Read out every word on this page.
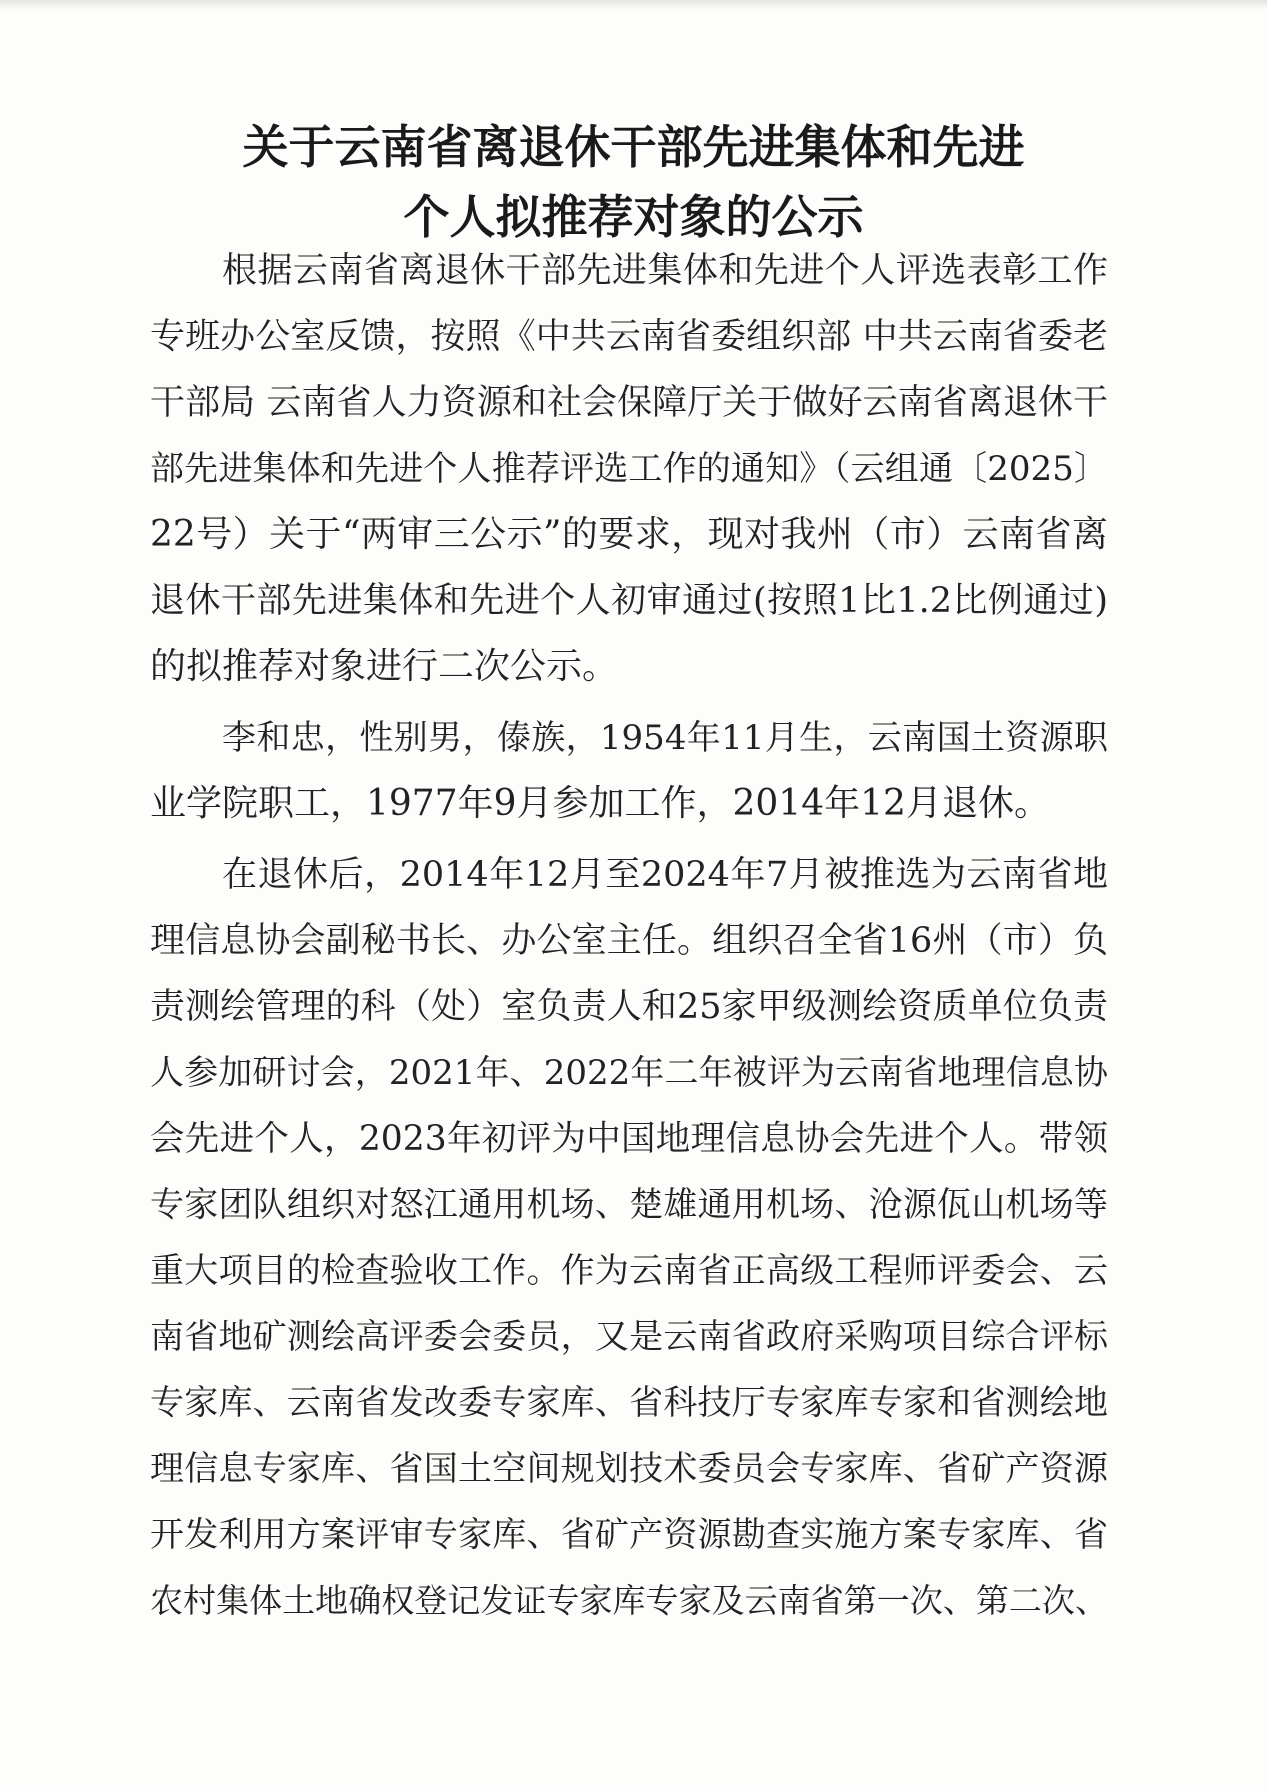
关于云南省离退休干部先进集体和先进
个人拟推荐对象的公示
根据云南省离退休干部先进集体和先进个人评选表彰工作
专班办公室反馈，按照《中共云南省委组织部 中共云南省委老
干部局 云南省人力资源和社会保障厅关于做好云南省离退休干
部先进集体和先进个人推荐评选工作的通知》（云组通〔2025〕
22号）关于“两审三公示”的要求，现对我州（市）云南省离
退休干部先进集体和先进个人初审通过(按照1比1.2比例通过)
的拟推荐对象进行二次公示。
李和忠，性别男，傣族，1954年11月生，云南国土资源职
业学院职工，1977年9月参加工作，2014年12月退休。
在退休后，2014年12月至2024年7月被推选为云南省地
理信息协会副秘书长、办公室主任。组织召全省16州（市）负
责测绘管理的科（处）室负责人和25家甲级测绘资质单位负责
人参加研讨会，2021年、2022年二年被评为云南省地理信息协
会先进个人，2023年初评为中国地理信息协会先进个人。带领
专家团队组织对怒江通用机场、楚雄通用机场、沧源佤山机场等
重大项目的检查验收工作。作为云南省正高级工程师评委会、云
南省地矿测绘高评委会委员，又是云南省政府采购项目综合评标
专家库、云南省发改委专家库、省科技厅专家库专家和省测绘地
理信息专家库、省国土空间规划技术委员会专家库、省矿产资源
开发利用方案评审专家库、省矿产资源勘查实施方案专家库、省
农村集体土地确权登记发证专家库专家及云南省第一次、第二次、
